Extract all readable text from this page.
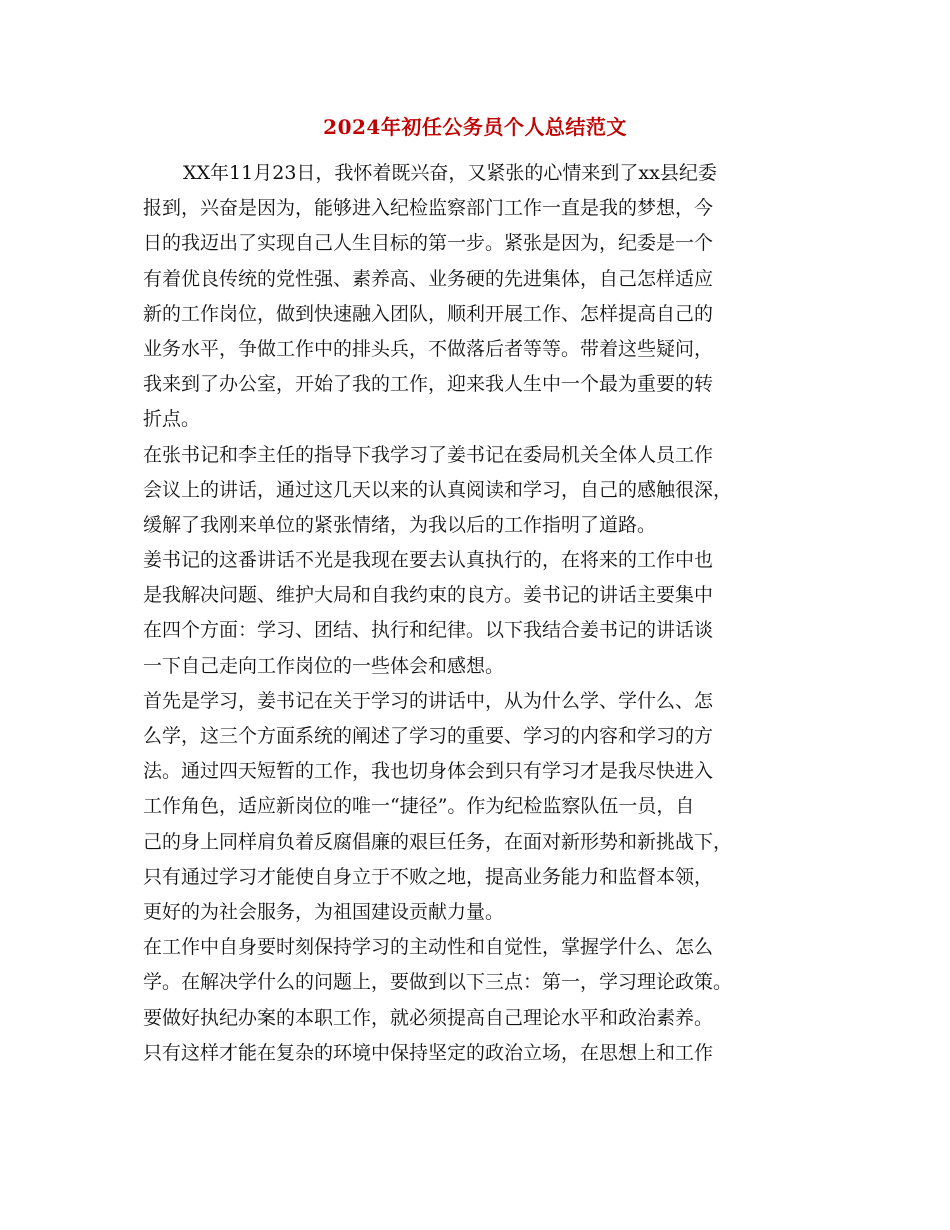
2024年初任公务员个人总结范文
XX年11月23日，我怀着既兴奋，又紧张的心情来到了xx县纪委
报到，兴奋是因为，能够进入纪检监察部门工作一直是我的梦想，今
日的我迈出了实现自己人生目标的第一步。紧张是因为，纪委是一个
有着优良传统的党性强、素养高、业务硬的先进集体，自己怎样适应
新的工作岗位，做到快速融入团队，顺利开展工作、怎样提高自己的
业务水平，争做工作中的排头兵，不做落后者等等。带着这些疑问，
我来到了办公室，开始了我的工作，迎来我人生中一个最为重要的转
折点。
在张书记和李主任的指导下我学习了姜书记在委局机关全体人员工作
会议上的讲话，通过这几天以来的认真阅读和学习，自己的感触很深，
缓解了我刚来单位的紧张情绪，为我以后的工作指明了道路。
姜书记的这番讲话不光是我现在要去认真执行的，在将来的工作中也
是我解决问题、维护大局和自我约束的良方。姜书记的讲话主要集中
在四个方面：学习、团结、执行和纪律。以下我结合姜书记的讲话谈
一下自己走向工作岗位的一些体会和感想。
首先是学习，姜书记在关于学习的讲话中，从为什么学、学什么、怎
么学，这三个方面系统的阐述了学习的重要、学习的内容和学习的方
法。通过四天短暂的工作，我也切身体会到只有学习才是我尽快进入
工作角色，适应新岗位的唯一“捷径”。作为纪检监察队伍一员，自
己的身上同样肩负着反腐倡廉的艰巨任务，在面对新形势和新挑战下，
只有通过学习才能使自身立于不败之地，提高业务能力和监督本领，
更好的为社会服务，为祖国建设贡献力量。
在工作中自身要时刻保持学习的主动性和自觉性，掌握学什么、怎么
学。在解决学什么的问题上，要做到以下三点：第一，学习理论政策。
要做好执纪办案的本职工作，就必须提高自己理论水平和政治素养。
只有这样才能在复杂的环境中保持坚定的政治立场，在思想上和工作
